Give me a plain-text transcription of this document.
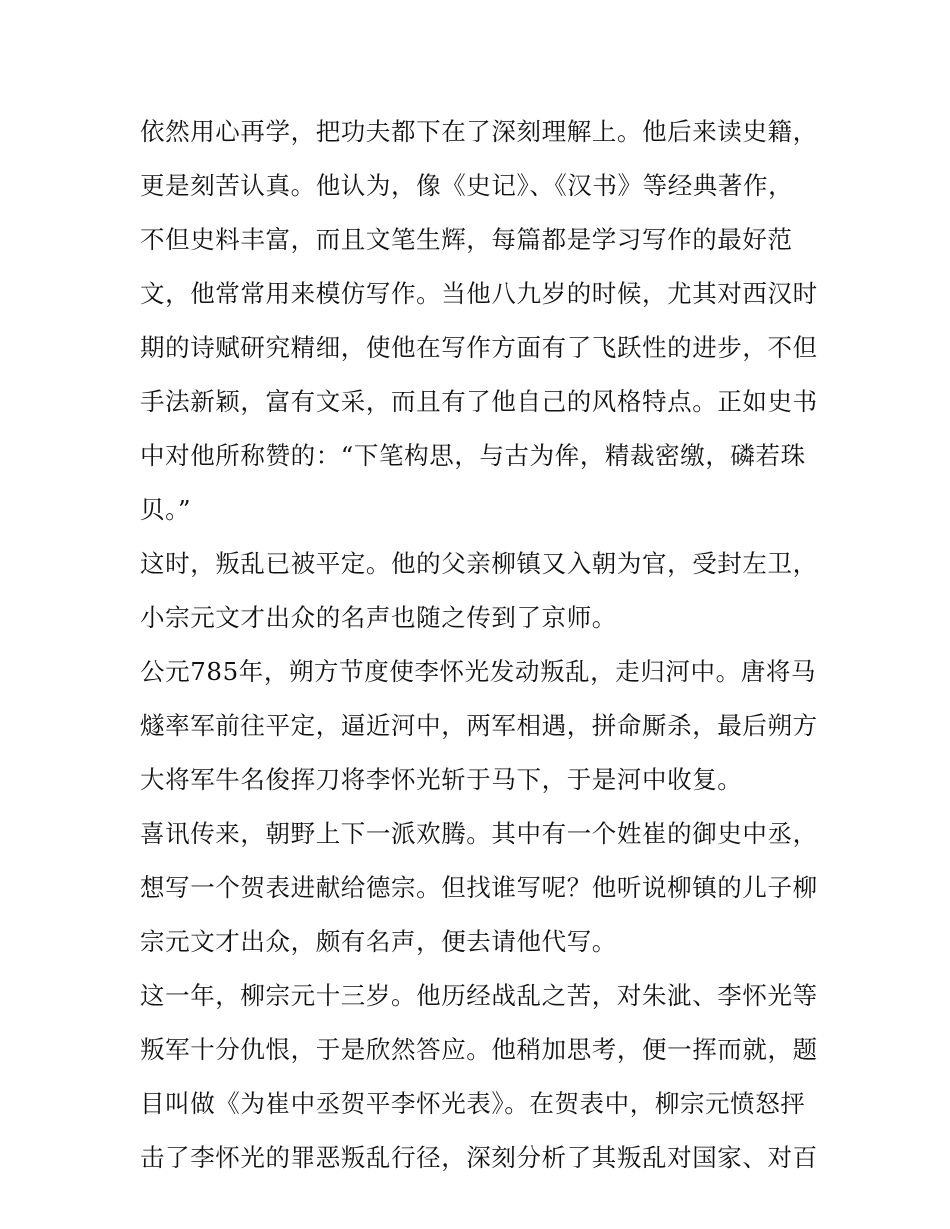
依然用心再学，把功夫都下在了深刻理解上。他后来读史籍，
更是刻苦认真。他认为，像《史记》、《汉书》等经典著作，
不但史料丰富，而且文笔生辉，每篇都是学习写作的最好范
文，他常常用来模仿写作。当他八九岁的时候，尤其对西汉时
期的诗赋研究精细，使他在写作方面有了飞跃性的进步，不但
手法新颖，富有文采，而且有了他自己的风格特点。正如史书
中对他所称赞的：“下笔构思，与古为侔，精裁密缴，磷若珠
贝。”
这时，叛乱已被平定。他的父亲柳镇又入朝为官，受封左卫，
小宗元文才出众的名声也随之传到了京师。
公元785年，朔方节度使李怀光发动叛乱，走归河中。唐将马
燧率军前往平定，逼近河中，两军相遇，拼命厮杀，最后朔方
大将军牛名俊挥刀将李怀光斩于马下，于是河中收复。
喜讯传来，朝野上下一派欢腾。其中有一个姓崔的御史中丞，
想写一个贺表进献给德宗。但找谁写呢？他听说柳镇的儿子柳
宗元文才出众，颇有名声，便去请他代写。
这一年，柳宗元十三岁。他历经战乱之苦，对朱泚、李怀光等
叛军十分仇恨，于是欣然答应。他稍加思考，便一挥而就，题
目叫做《为崔中丞贺平李怀光表》。在贺表中，柳宗元愤怒抨
击了李怀光的罪恶叛乱行径，深刻分析了其叛乱对国家、对百
